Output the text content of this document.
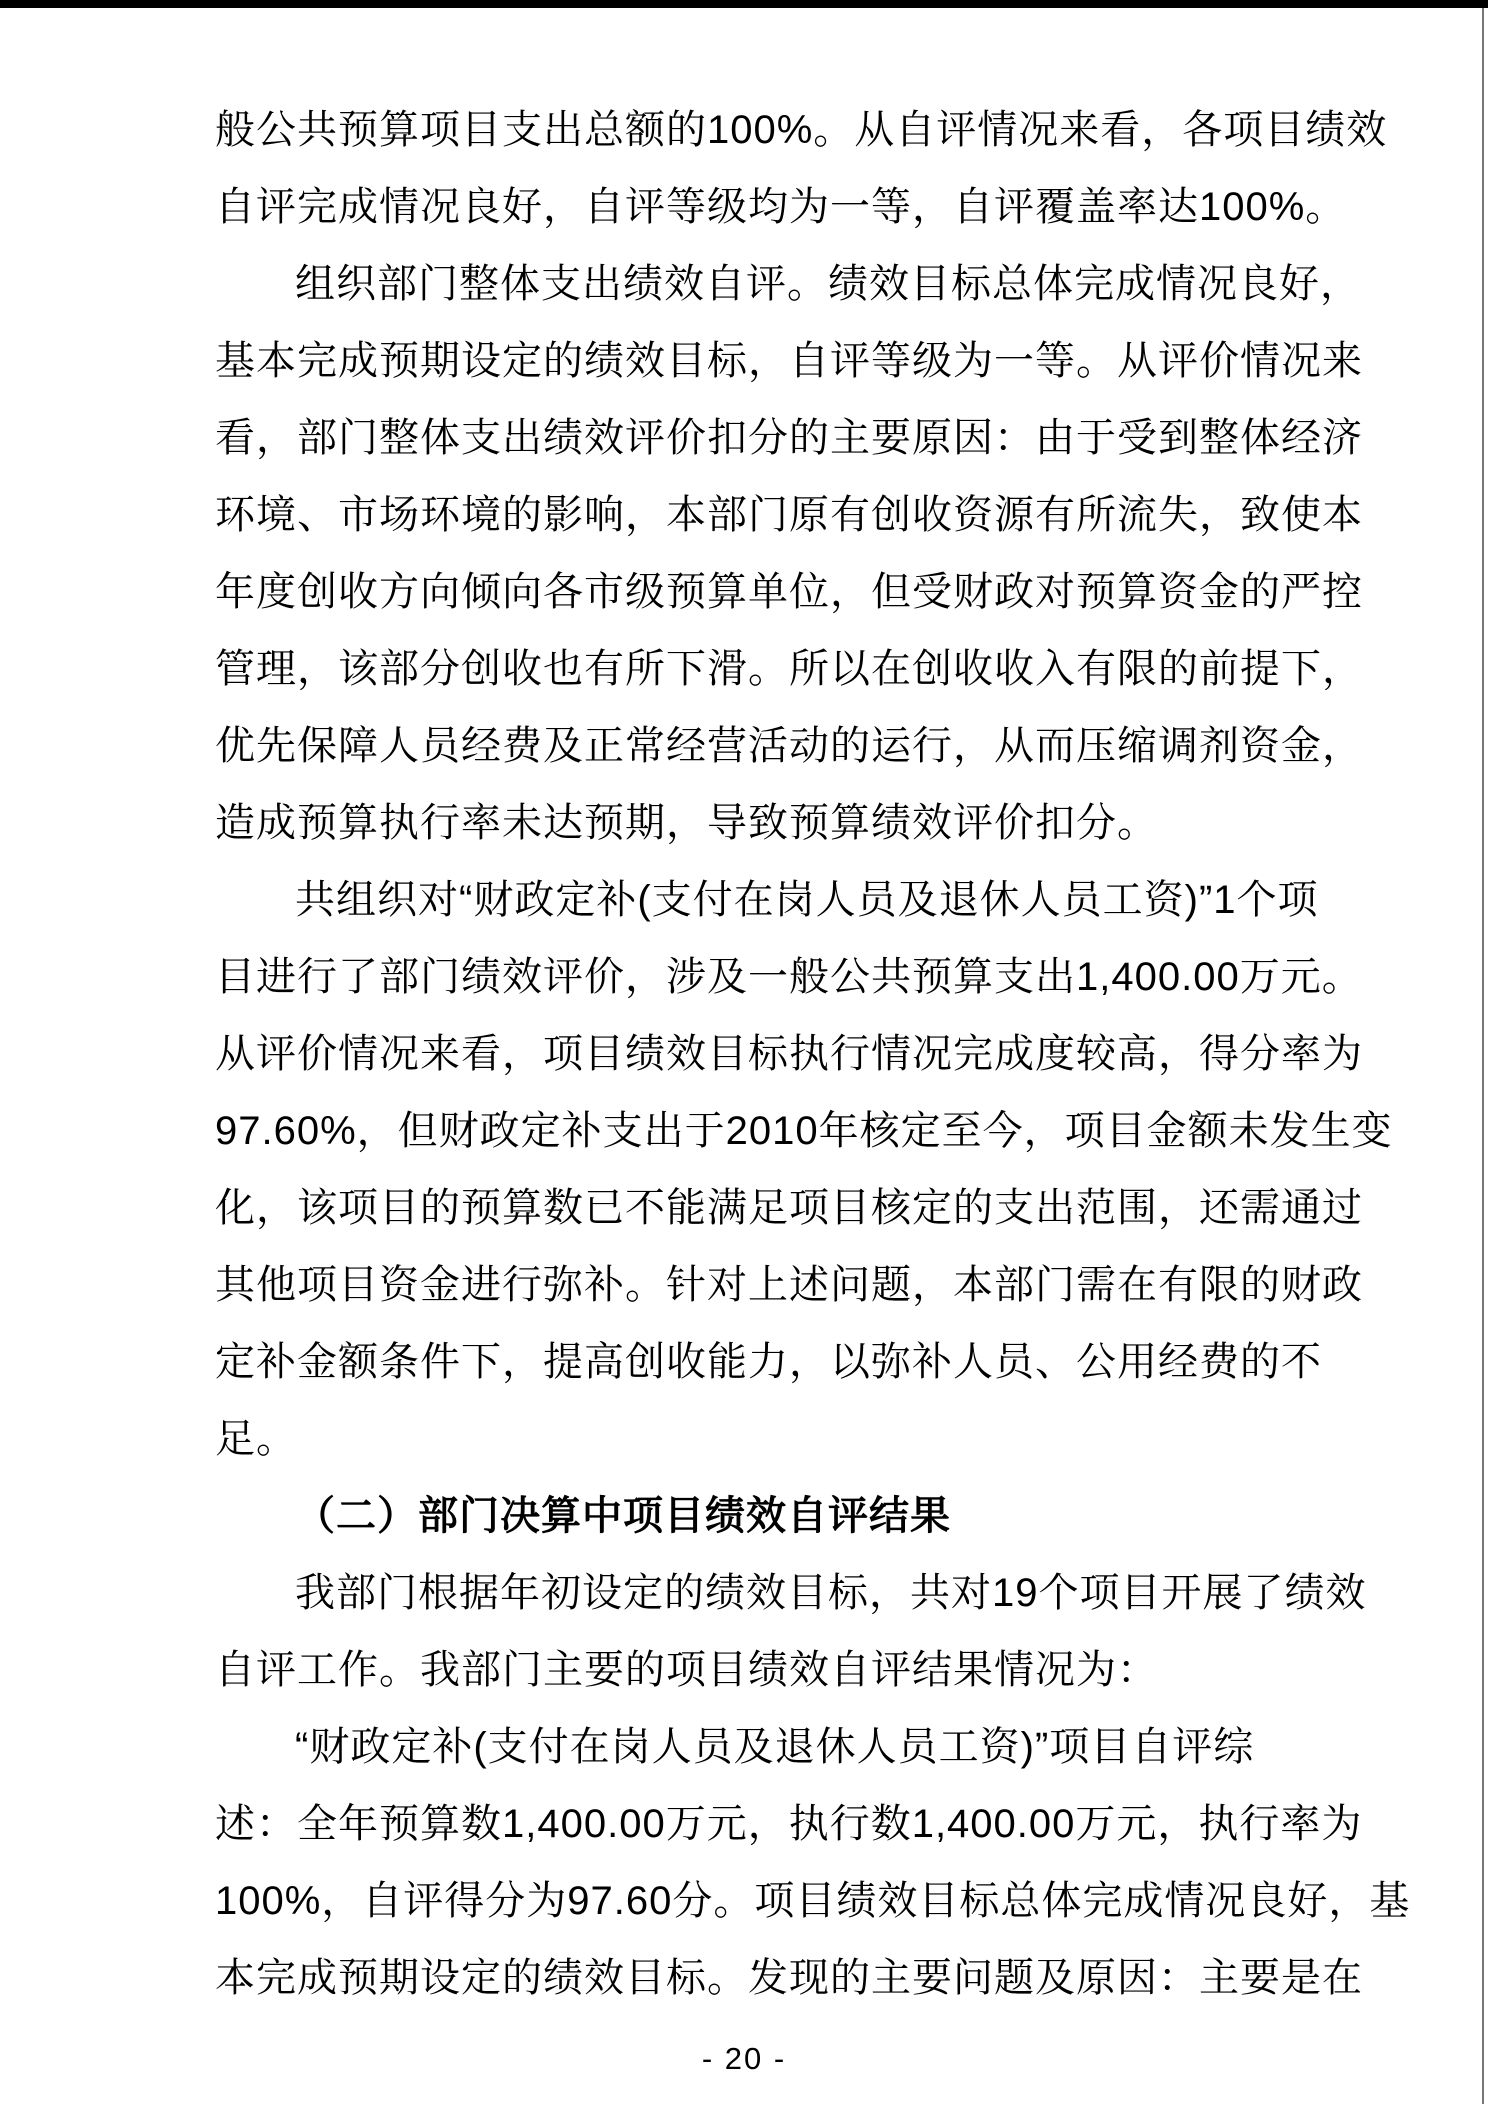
般公共预算项目支出总额的100%。从自评情况来看，各项目绩效
自评完成情况良好，自评等级均为一等，自评覆盖率达100%。
组织部门整体支出绩效自评。绩效目标总体完成情况良好，
基本完成预期设定的绩效目标，自评等级为一等。从评价情况来
看，部门整体支出绩效评价扣分的主要原因：由于受到整体经济
环境、市场环境的影响，本部门原有创收资源有所流失，致使本
年度创收方向倾向各市级预算单位，但受财政对预算资金的严控
管理，该部分创收也有所下滑。所以在创收收入有限的前提下，
优先保障人员经费及正常经营活动的运行，从而压缩调剂资金，
造成预算执行率未达预期，导致预算绩效评价扣分。
共组织对“财政定补(支付在岗人员及退休人员工资)”1个项
目进行了部门绩效评价，涉及一般公共预算支出1,400.00万元。
从评价情况来看，项目绩效目标执行情况完成度较高，得分率为
97.60%，但财政定补支出于2010年核定至今，项目金额未发生变
化，该项目的预算数已不能满足项目核定的支出范围，还需通过
其他项目资金进行弥补。针对上述问题，本部门需在有限的财政
定补金额条件下，提高创收能力，以弥补人员、公用经费的不
足。
（二）部门决算中项目绩效自评结果
我部门根据年初设定的绩效目标，共对19个项目开展了绩效
自评工作。我部门主要的项目绩效自评结果情况为：
“财政定补(支付在岗人员及退休人员工资)”项目自评综
述：全年预算数1,400.00万元，执行数1,400.00万元，执行率为
100%，自评得分为97.60分。项目绩效目标总体完成情况良好，基
本完成预期设定的绩效目标。发现的主要问题及原因：主要是在
- 20 -
